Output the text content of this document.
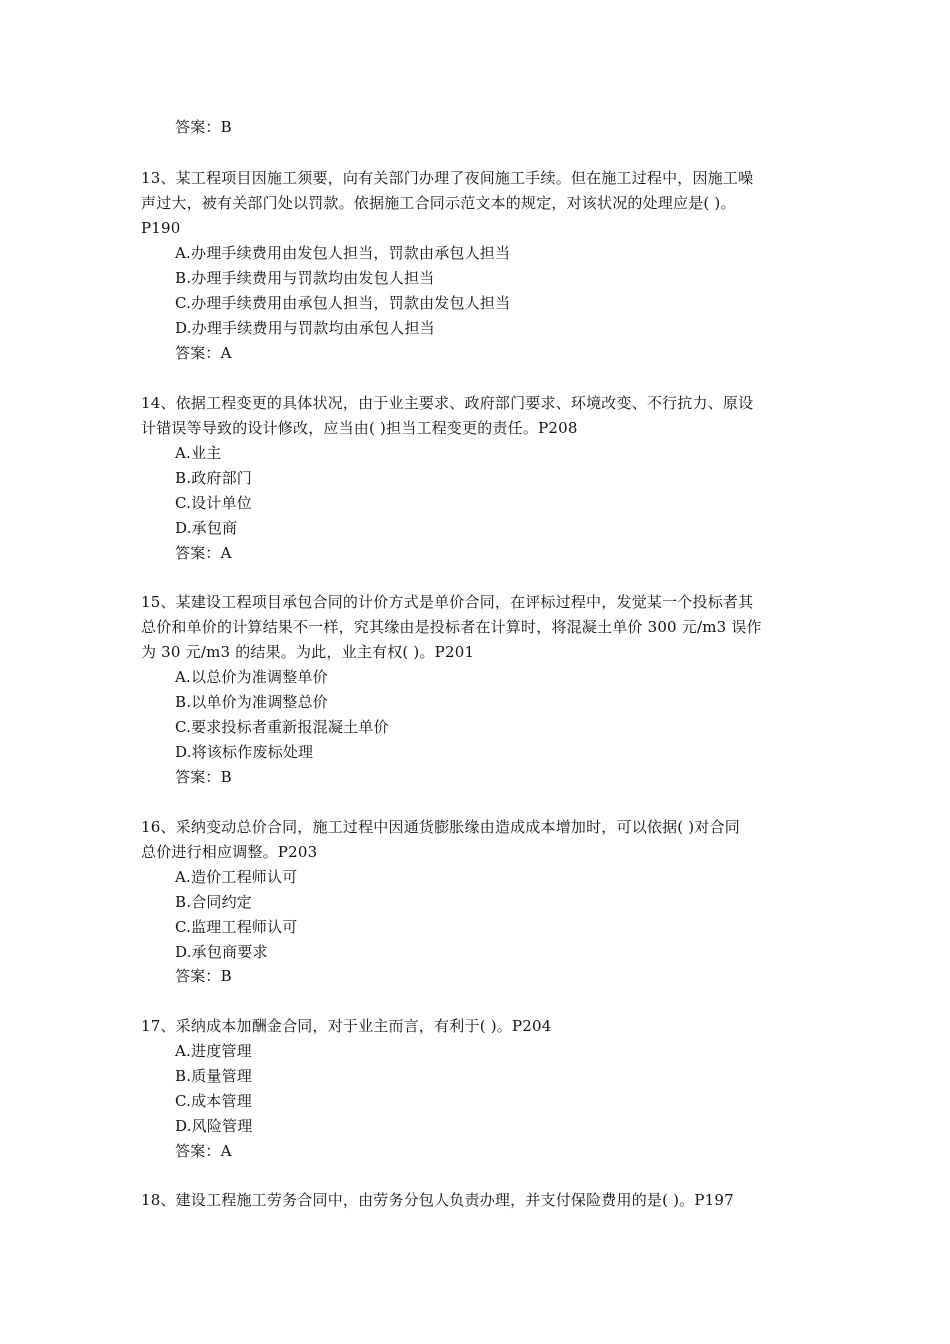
答案：B
13、某工程项目因施工须要，向有关部门办理了夜间施工手续。但在施工过程中，因施工噪
声过大，被有关部门处以罚款。依据施工合同示范文本的规定，对该状况的处理应是( )。
P190
A.办理手续费用由发包人担当，罚款由承包人担当
B.办理手续费用与罚款均由发包人担当
C.办理手续费用由承包人担当，罚款由发包人担当
D.办理手续费用与罚款均由承包人担当
答案：A
14、依据工程变更的具体状况，由于业主要求、政府部门要求、环境改变、不行抗力、原设
计错误等导致的设计修改，应当由( )担当工程变更的责任。P208
A.业主
B.政府部门
C.设计单位
D.承包商
答案：A
15、某建设工程项目承包合同的计价方式是单价合同，在评标过程中，发觉某一个投标者其
总价和单价的计算结果不一样，究其缘由是投标者在计算时，将混凝土单价 300 元/m3 误作
为 30 元/m3 的结果。为此，业主有权( )。P201
A.以总价为准调整单价
B.以单价为准调整总价
C.要求投标者重新报混凝土单价
D.将该标作废标处理
答案：B
16、采纳变动总价合同，施工过程中因通货膨胀缘由造成成本增加时，可以依据( )对合同
总价进行相应调整。P203
A.造价工程师认可
B.合同约定
C.监理工程师认可
D.承包商要求
答案：B
17、采纳成本加酬金合同，对于业主而言，有利于( )。P204
A.进度管理
B.质量管理
C.成本管理
D.风险管理
答案：A
18、建设工程施工劳务合同中，由劳务分包人负责办理，并支付保险费用的是( )。P197
